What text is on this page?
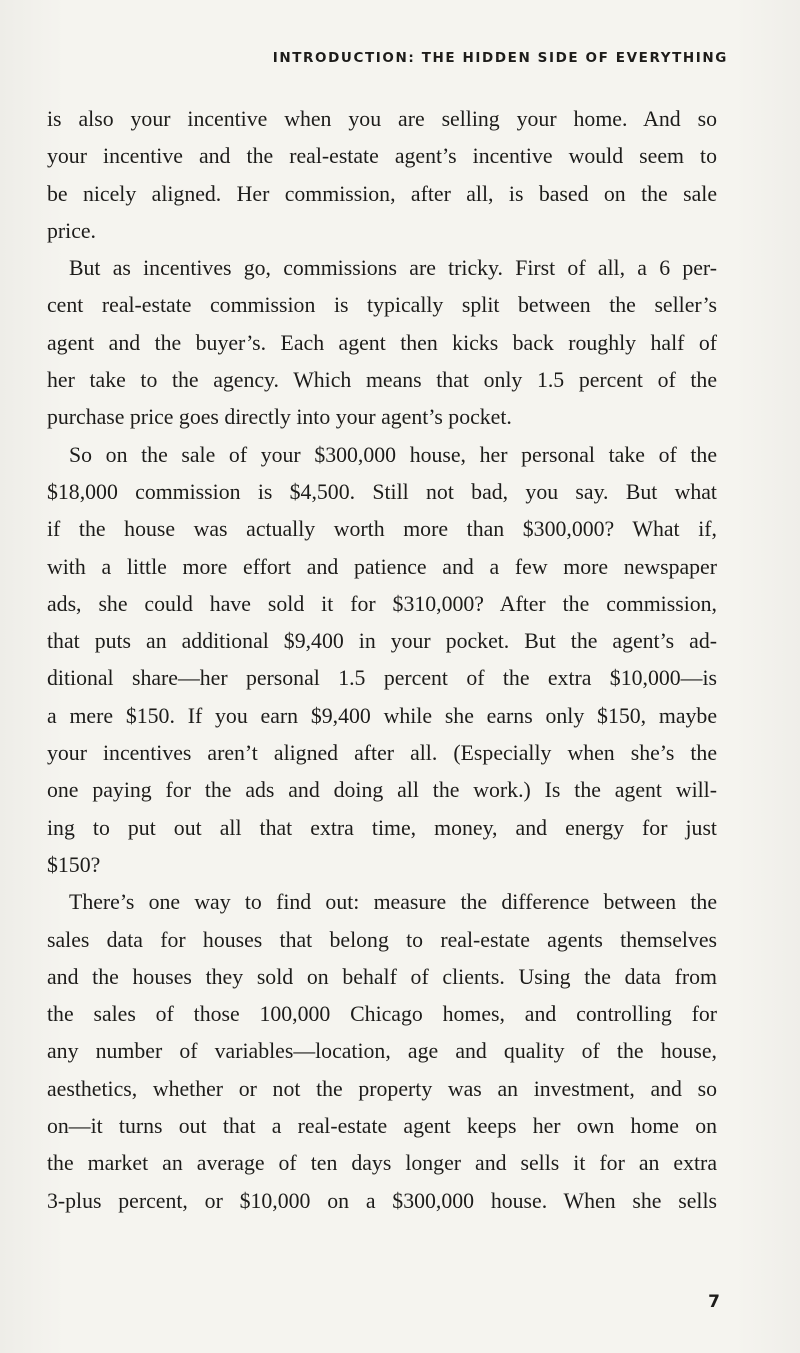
INTRODUCTION: THE HIDDEN SIDE OF EVERYTHING
is also your incentive when you are selling your home. And so
your incentive and the real-estate agent’s incentive would seem to
be nicely aligned. Her commission, after all, is based on the sale
price.
But as incentives go, commissions are tricky. First of all, a 6 per-
cent real-estate commission is typically split between the seller’s
agent and the buyer’s. Each agent then kicks back roughly half of
her take to the agency. Which means that only 1.5 percent of the
purchase price goes directly into your agent’s pocket.
So on the sale of your $300,000 house, her personal take of the
$18,000 commission is $4,500. Still not bad, you say. But what
if the house was actually worth more than $300,000? What if,
with a little more effort and patience and a few more newspaper
ads, she could have sold it for $310,000? After the commission,
that puts an additional $9,400 in your pocket. But the agent’s ad-
ditional share—her personal 1.5 percent of the extra $10,000—is
a mere $150. If you earn $9,400 while she earns only $150, maybe
your incentives aren’t aligned after all. (Especially when she’s the
one paying for the ads and doing all the work.) Is the agent will-
ing to put out all that extra time, money, and energy for just
$150?
There’s one way to find out: measure the difference between the
sales data for houses that belong to real-estate agents themselves
and the houses they sold on behalf of clients. Using the data from
the sales of those 100,000 Chicago homes, and controlling for
any number of variables—location, age and quality of the house,
aesthetics, whether or not the property was an investment, and so
on—it turns out that a real-estate agent keeps her own home on
the market an average of ten days longer and sells it for an extra
3-plus percent, or $10,000 on a $300,000 house. When she sells
7
